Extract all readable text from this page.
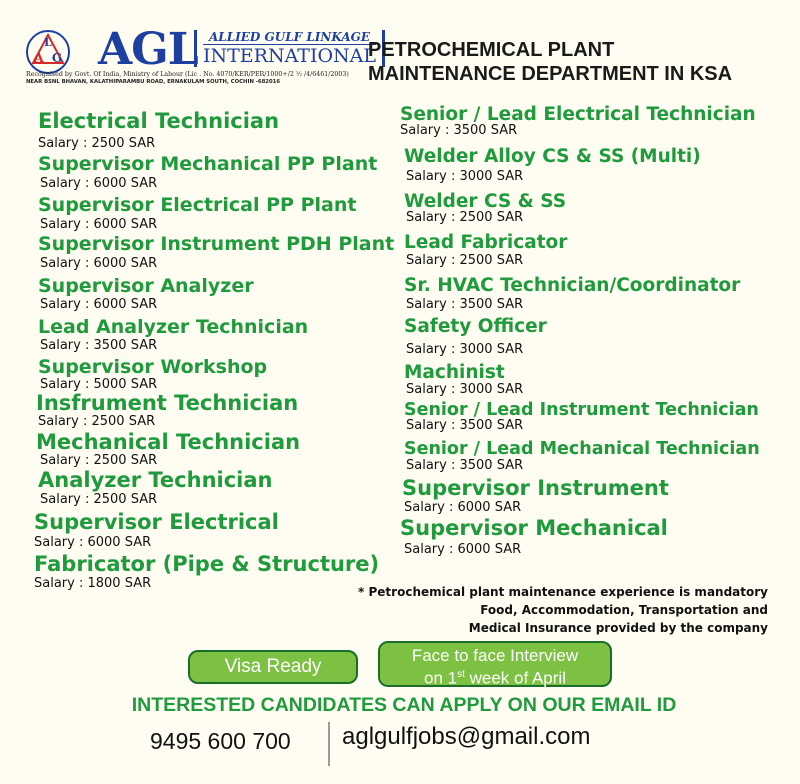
L
A G AGL ALLIED GULF LINKAGE
INTERNATIONAL
Recognised by Govt. Of India, Ministry of Labour (Lic . No. 4070/KER/PER/1000+/2 ½ /4/6461/2003)
NEAR BSNL BHAVAN, KALATHIPARAMBU ROAD, ERNAKULAM SOUTH, COCHIN -682016
PETROCHEMICAL PLANT
MAINTENANCE DEPARTMENT IN KSA
Electrical Technician
Salary : 2500 SAR
Supervisor Mechanical PP Plant
Salary : 6000 SAR
Supervisor Electrical PP Plant
Salary : 6000 SAR
Supervisor Instrument PDH Plant
Salary : 6000 SAR
Supervisor Analyzer
Salary : 6000 SAR
Lead Analyzer Technician
Salary : 3500 SAR
Supervisor Workshop
Salary : 5000 SAR
Insfrument Technician
Salary : 2500 SAR
Mechanical Technician
Salary : 2500 SAR
Analyzer Technician
Salary : 2500 SAR
Supervisor Electrical
Salary : 6000 SAR
Fabricator (Pipe & Structure)
Salary : 1800 SAR
Senior / Lead Electrical Technician
Salary : 3500 SAR
Welder Alloy CS & SS (Multi)
Salary : 3000 SAR
Welder CS & SS
Salary : 2500 SAR
Lead Fabricator
Salary : 2500 SAR
Sr. HVAC Technician/Coordinator
Salary : 3500 SAR
Safety Officer
Salary : 3000 SAR
Machinist
Salary : 3000 SAR
Senior / Lead Instrument Technician
Salary : 3500 SAR
Senior / Lead Mechanical Technician
Salary : 3500 SAR
Supervisor Instrument
Salary : 6000 SAR
Supervisor Mechanical
Salary : 6000 SAR
* Petrochemical plant maintenance experience is mandatory
Food, Accommodation, Transportation and
Medical Insurance provided by the company
Visa Ready
Face to face Interview
on 1st week of April
INTERESTED CANDIDATES CAN APPLY ON OUR EMAIL ID
9495 600 700 aglgulfjobs@gmail.com
